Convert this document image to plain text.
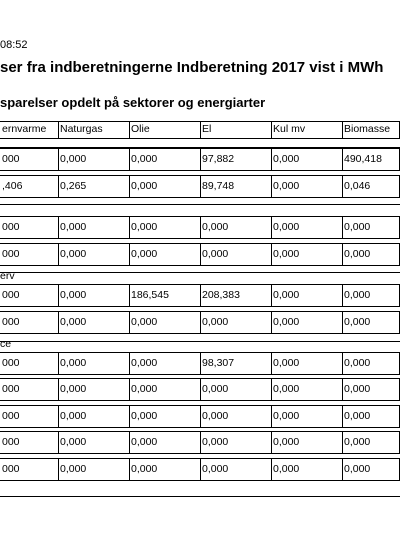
08:52
ser fra indberetningerne Indberetning 2017 vist i MWh
sparelser opdelt på sektorer og energiarter
ernvarme	Naturgas	Olie	El	Kul mv	Biomasse
000	0,000	0,000	97,882	0,000	490,418
,406	0,265	0,000	89,748	0,000	0,046
000	0,000	0,000	0,000	0,000	0,000
000	0,000	0,000	0,000	0,000	0,000
erv
000	0,000	186,545	208,383	0,000	0,000
000	0,000	0,000	0,000	0,000	0,000
ce
000	0,000	0,000	98,307	0,000	0,000
000	0,000	0,000	0,000	0,000	0,000
000	0,000	0,000	0,000	0,000	0,000
000	0,000	0,000	0,000	0,000	0,000
000	0,000	0,000	0,000	0,000	0,000
